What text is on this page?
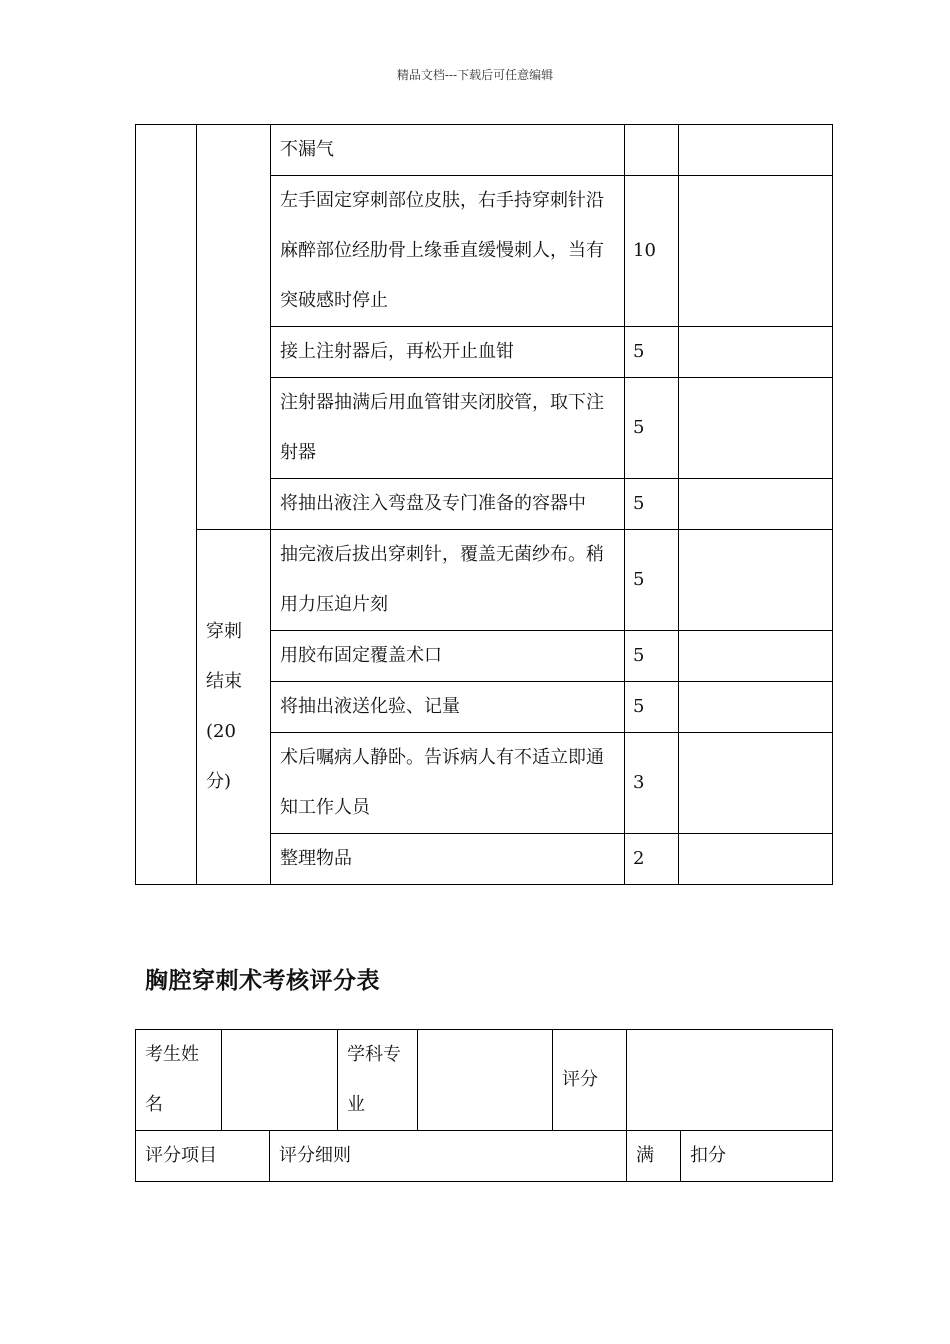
精品文档---下载后可任意编辑
		不漏气		
		左手固定穿刺部位皮肤，右手持穿刺针沿麻醉部位经肋骨上缘垂直缓慢刺人，当有突破感时停止	10	
		接上注射器后，再松开止血钳	5	
		注射器抽满后用血管钳夹闭胶管，取下注射器	5	
		将抽出液注入弯盘及专门准备的容器中	5	

	穿刺
结束
(20
分)	抽完液后拔出穿刺针，覆盖无菌纱布。稍用力压迫片刻	5	
		用胶布固定覆盖术口	5	
		将抽出液送化验、记量	5	
		术后嘱病人静卧。告诉病人有不适立即通知工作人员	3	
		整理物品	2	
胸腔穿刺术考核评分表
考生姓名			学科专业		评分		
评分项目		评分细则				满	扣分
